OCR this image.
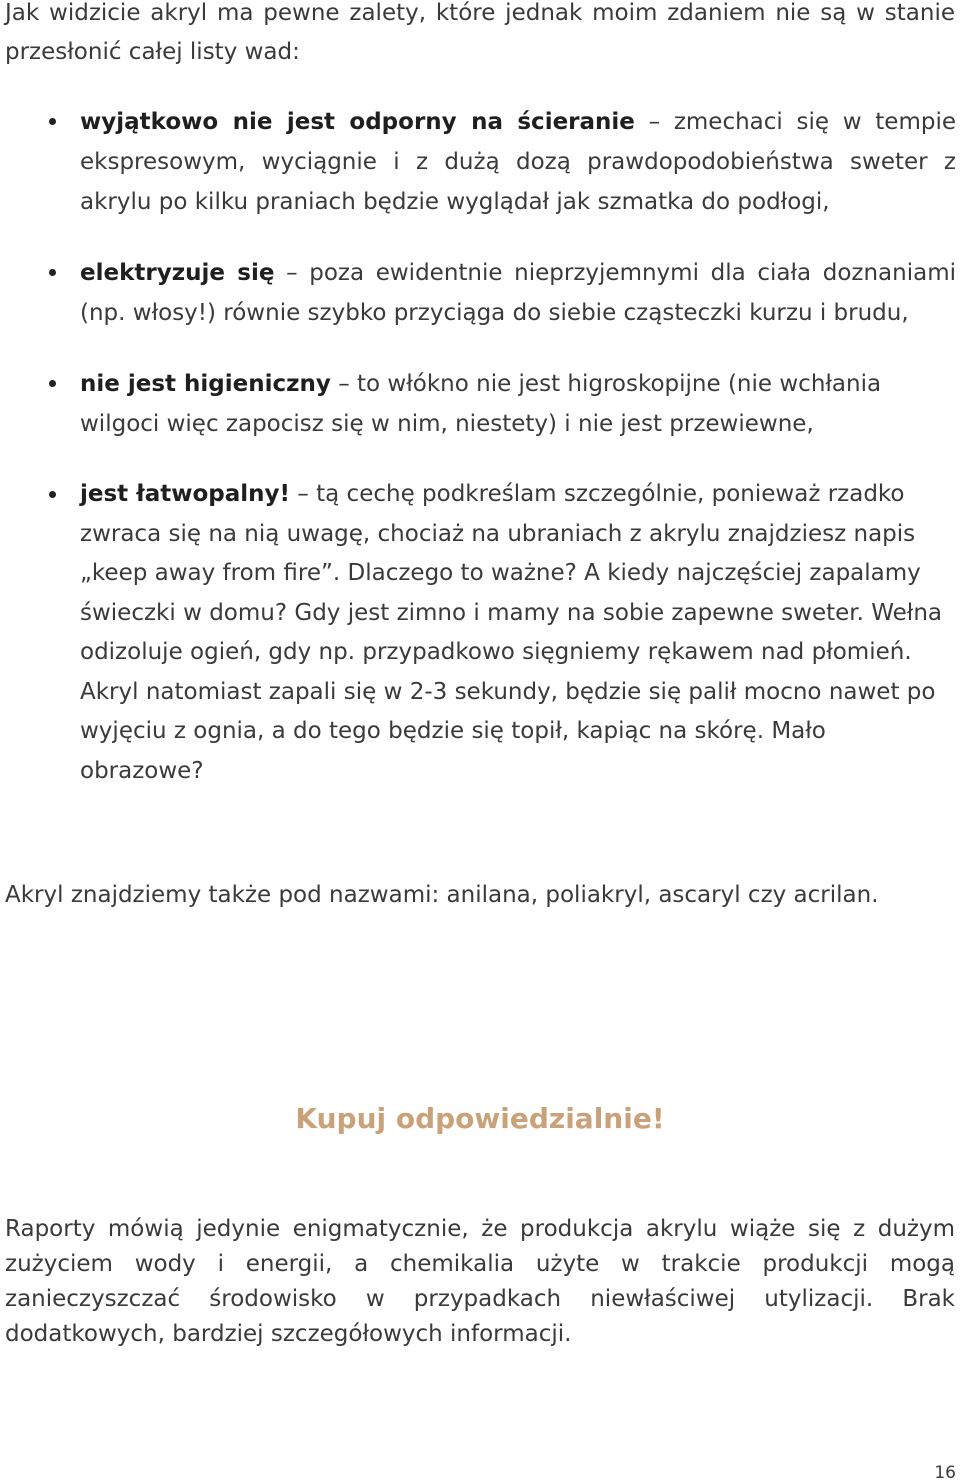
Jak widzicie akryl ma pewne zalety, które jednak moim zdaniem nie są w stanie przesłonić całej listy wad:

wyjątkowo nie jest odporny na ścieranie – zmechaci się w tempie ekspresowym, wyciągnie i z dużą dozą prawdopodobieństwa sweter z akrylu po kilku praniach będzie wyglądał jak szmatka do podłogi,
elektryzuje się – poza ewidentnie nieprzyjemnymi dla ciała doznaniami (np. włosy!) równie szybko przyciąga do siebie cząsteczki kurzu i brudu,
nie jest higieniczny – to włókno nie jest higroskopijne (nie wchłania wilgoci więc zapocisz się w nim, niestety) i nie jest przewiewne,
jest łatwopalny! – tą cechę podkreślam szczególnie, ponieważ rzadko zwraca się na nią uwagę, chociaż na ubraniach z akrylu znajdziesz napis „keep away from fire”. Dlaczego to ważne? A kiedy najczęściej zapalamy świeczki w domu? Gdy jest zimno i mamy na sobie zapewne sweter. Wełna odizoluje ogień, gdy np. przypadkowo sięgniemy rękawem nad płomień. Akryl natomiast zapali się w 2-3 sekundy, będzie się palił mocno nawet po wyjęciu z ognia, a do tego będzie się topił, kapiąc na skórę. Mało obrazowe?

Akryl znajdziemy także pod nazwami: anilana, poliakryl, ascaryl czy acrilan.

Kupuj odpowiedzialnie!

Raporty mówią jedynie enigmatycznie, że produkcja akrylu wiąże się z dużym zużyciem wody i energii, a chemikalia użyte w trakcie produkcji mogą zanieczyszczać środowisko w przypadkach niewłaściwej utylizacji. Brak dodatkowych, bardziej szczegółowych informacji.

16
